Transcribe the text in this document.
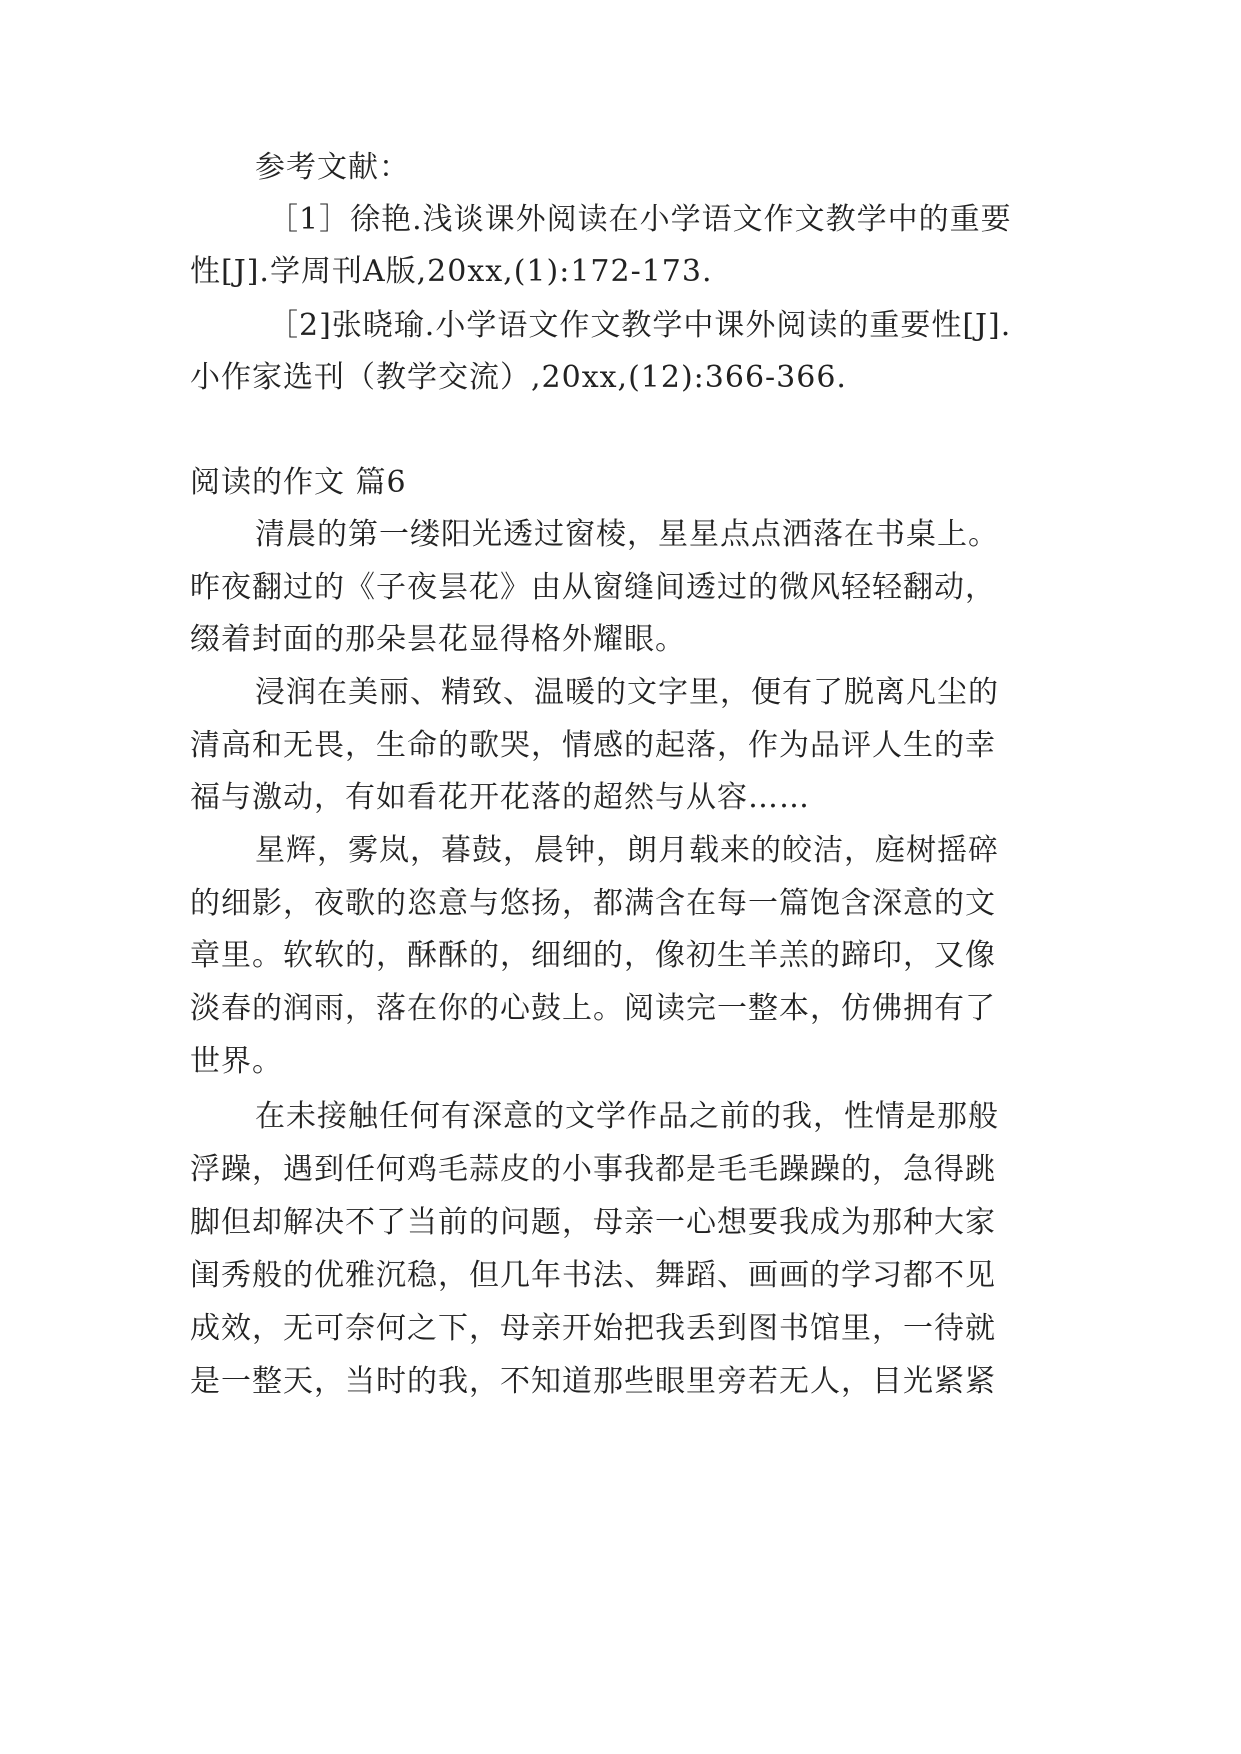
参考文献：
［1］徐艳.浅谈课外阅读在小学语文作文教学中的重要
性[J].学周刊A版,20xx,(1):172-173.
［2]张晓瑜.小学语文作文教学中课外阅读的重要性[J].
小作家选刊（教学交流）,20xx,(12):366-366.
阅读的作文 篇6
清晨的第一缕阳光透过窗棱，星星点点洒落在书桌上。
昨夜翻过的《子夜昙花》由从窗缝间透过的微风轻轻翻动，
缀着封面的那朵昙花显得格外耀眼。
浸润在美丽、精致、温暖的文字里，便有了脱离凡尘的
清高和无畏，生命的歌哭，情感的起落，作为品评人生的幸
福与激动，有如看花开花落的超然与从容……
星辉，雾岚，暮鼓，晨钟，朗月载来的皎洁，庭树摇碎
的细影，夜歌的恣意与悠扬，都满含在每一篇饱含深意的文
章里。软软的，酥酥的，细细的，像初生羊羔的蹄印，又像
淡春的润雨，落在你的心鼓上。阅读完一整本，仿佛拥有了
世界。
在未接触任何有深意的文学作品之前的我，性情是那般
浮躁，遇到任何鸡毛蒜皮的小事我都是毛毛躁躁的，急得跳
脚但却解决不了当前的问题，母亲一心想要我成为那种大家
闺秀般的优雅沉稳，但几年书法、舞蹈、画画的学习都不见
成效，无可奈何之下，母亲开始把我丢到图书馆里，一待就
是一整天，当时的我，不知道那些眼里旁若无人，目光紧紧
